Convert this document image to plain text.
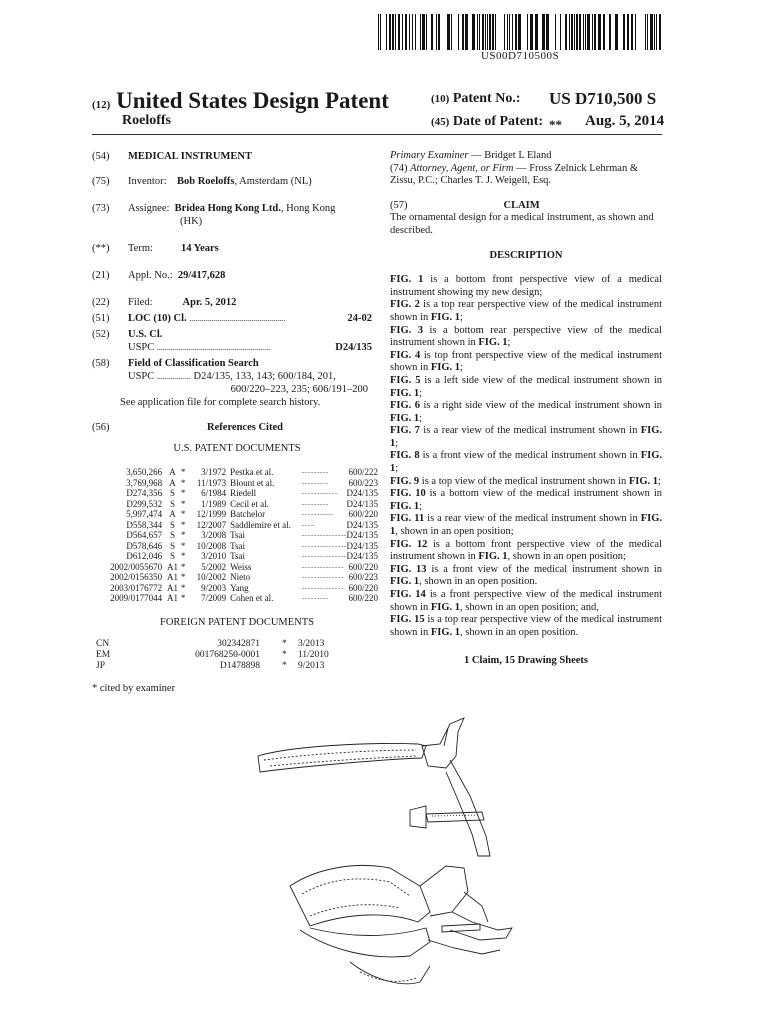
US00D710500S
(12) United States Design Patent
Roeloffs
(10) Patent No.: US D710,500 S
(45) Date of Patent: ** Aug. 5, 2014
(54)	MEDICAL INSTRUMENT
(75)	Inventor: Bob Roeloffs, Amsterdam (NL)
(73)	Assignee: Bridea Hong Kong Ltd., Hong Kong
(HK)
(**)	Term:	14 Years
(21)	Appl. No.: 29/417,628
(22)	Filed:	Apr. 5, 2012
(51)	LOC (10) Cl. ................................................	24-02
(52)	U.S. Cl.
USPC .........................................................	D24/135
(58)	Field of Classification Search
USPC ................. D24/135, 133, 143; 600/184, 201,

600/220–223, 235; 606/191–200
See application file for complete search history.
(56)	References Cited
U.S. PATENT DOCUMENTS
3,650,266	A	*	3/1972	Pestka et al.	..................	600/222
3,769,968	A	*	11/1973	Blount et al.	..................	600/223
D274,356	S	*	6/1984	Riedell	........................	D24/135
D299,532	S	*	1/1989	Cecil et al.	..................	D24/135
5,997,474	A	*	12/1999	Batchelor	.....................	600/220
D558,344	S	*	12/2007	Saddlemire et al.	.........	D24/135
D564,657	S	*	3/2008	Tsai	..............................	D24/135
D578,646	S	*	10/2008	Tsai	..............................	D24/135
D612,046	S	*	3/2010	Tsai	..............................	D24/135
2002/0055670	A1	*	5/2002	Weiss	............................	600/220
2002/0156350	A1	*	10/2002	Nieto	............................	600/223
2003/0176772	A1	*	9/2003	Yang	............................	600/220
2009/0177044	A1	*	7/2009	Cohen et al.	..................	600/220
FOREIGN PATENT DOCUMENTS
CN	302342871	*	3/2013
EM	001768250-0001	*	11/2010
JP	D1478898	*	9/2013
* cited by examiner

Primary Examiner — Bridget L Eland

(74) Attorney, Agent, or Firm — Fross Zelnick Lehrman & Zissu, P.C.; Charles T. J. Weigell, Esq.

(57)	CLAIM

The ornamental design for a medical instrument, as shown and described.

DESCRIPTION

FIG. 1 is a bottom front perspective view of a medical instrument showing my new design;

FIG. 2 is a top rear perspective view of the medical instrument shown in FIG. 1;

FIG. 3 is a bottom rear perspective view of the medical instrument shown in FIG. 1;

FIG. 4 is top front perspective view of the medical instrument shown in FIG. 1;

FIG. 5 is a left side view of the medical instrument shown in FIG. 1;

FIG. 6 is a right side view of the medical instrument shown in FIG. 1;

FIG. 7 is a rear view of the medical instrument shown in FIG. 1;

FIG. 8 is a front view of the medical instrument shown in FIG. 1;

FIG. 9 is a top view of the medical instrument shown in FIG. 1;

FIG. 10 is a bottom view of the medical instrument shown in FIG. 1;

FIG. 11 is a rear view of the medical instrument shown in FIG. 1, shown in an open position;

FIG. 12 is a bottom front perspective view of the medical instrument shown in FIG. 1, shown in an open position;

FIG. 13 is a front view of the medical instrument shown in FIG. 1, shown in an open position.

FIG. 14 is a front perspective view of the medical instrument shown in FIG. 1, shown in an open position; and,

FIG. 15 is a top rear perspective view of the medical instrument shown in FIG. 1, shown in an open position.

1 Claim, 15 Drawing Sheets
